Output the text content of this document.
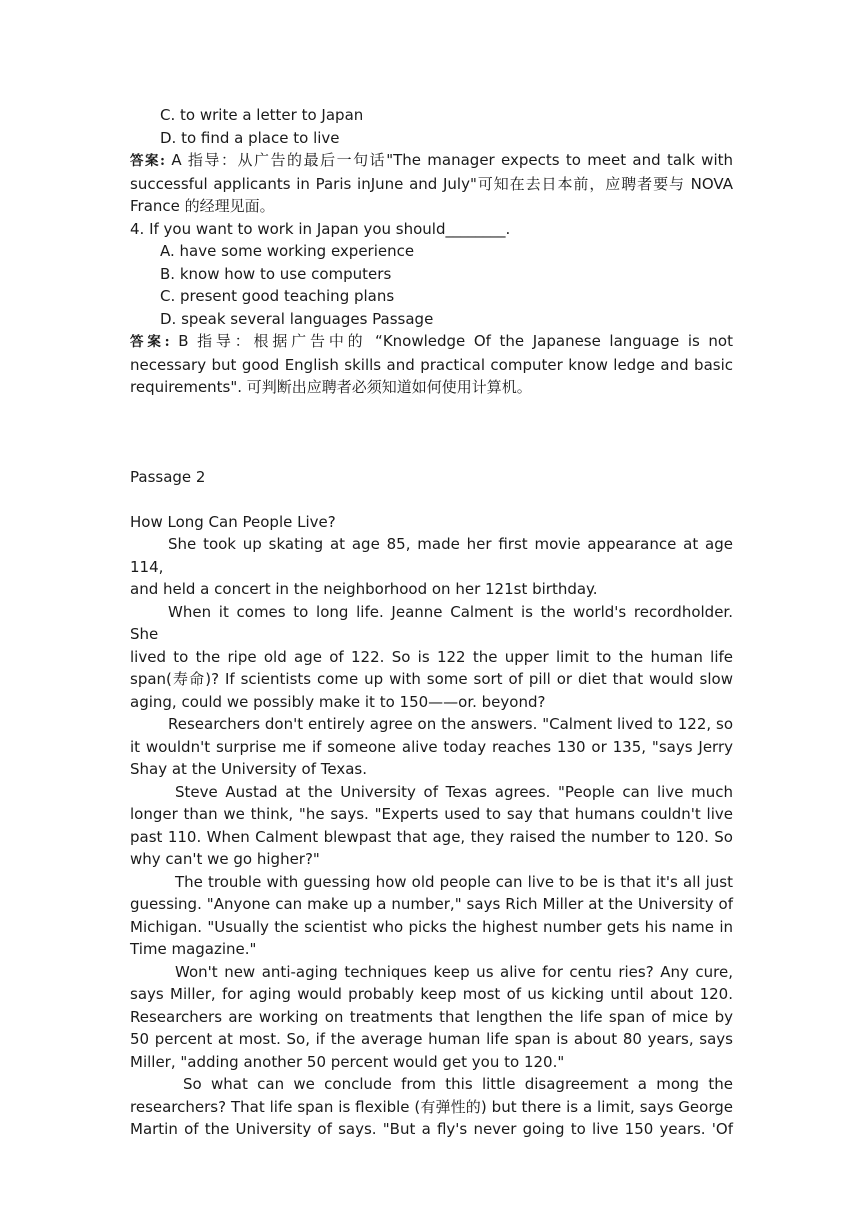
C. to write a letter to Japan
D. to find a place to live
答案: A 指导：从广告的最后一句话"The manager expects to meet and talk with
successful applicants in Paris inJune and July"可知在去日本前，应聘者要与 NOVA
France 的经理见面。
4. If you want to work in Japan you should________.
A. have some working experience
B. know how to use computers
C. present good teaching plans
D. speak several languages Passage
答案: B 指导：根据广告中的 “Knowledge Of the Japanese language is not
necessary but good English skills and practical computer know ledge and basic
requirements". 可判断出应聘者必须知道如何使用计算机。
Passage 2
How Long Can People Live?
She took up skating at age 85, made her first movie appearance at age 114,
and held a concert in the neighborhood on her 121st birthday.
When it comes to long life. Jeanne Calment is the world's recordholder. She
lived to the ripe old age of 122. So is 122 the upper limit to the human life
span(寿命)? If scientists come up with some sort of pill or diet that would slow
aging, could we possibly make it to 150——or. beyond?
Researchers don't entirely agree on the answers. "Calment lived to 122, so
it wouldn't surprise me if someone alive today reaches 130 or 135, "says Jerry
Shay at the University of Texas.
Steve Austad at the University of Texas agrees. "People can live much
longer than we think, "he says. "Experts used to say that humans couldn't live
past 110. When Calment blewpast that age, they raised the number to 120. So
why can't we go higher?"
The trouble with guessing how old people can live to be is that it's all just
guessing. "Anyone can make up a number," says Rich Miller at the University of
Michigan. "Usually the scientist who picks the highest number gets his name in
Time magazine."
Won't new anti-aging techniques keep us alive for centu ries? Any cure,
says Miller, for aging would probably keep most of us kicking until about 120.
Researchers are working on treatments that lengthen the life span of mice by
50 percent at most. So, if the average human life span is about 80 years, says
Miller, "adding another 50 percent would get you to 120."
So what can we conclude from this little disagreement a mong the
researchers? That life span is flexible (有弹性的) but there is a limit, says George
Martin of the University of says. "But a fly's never going to live 150 years. 'Of
